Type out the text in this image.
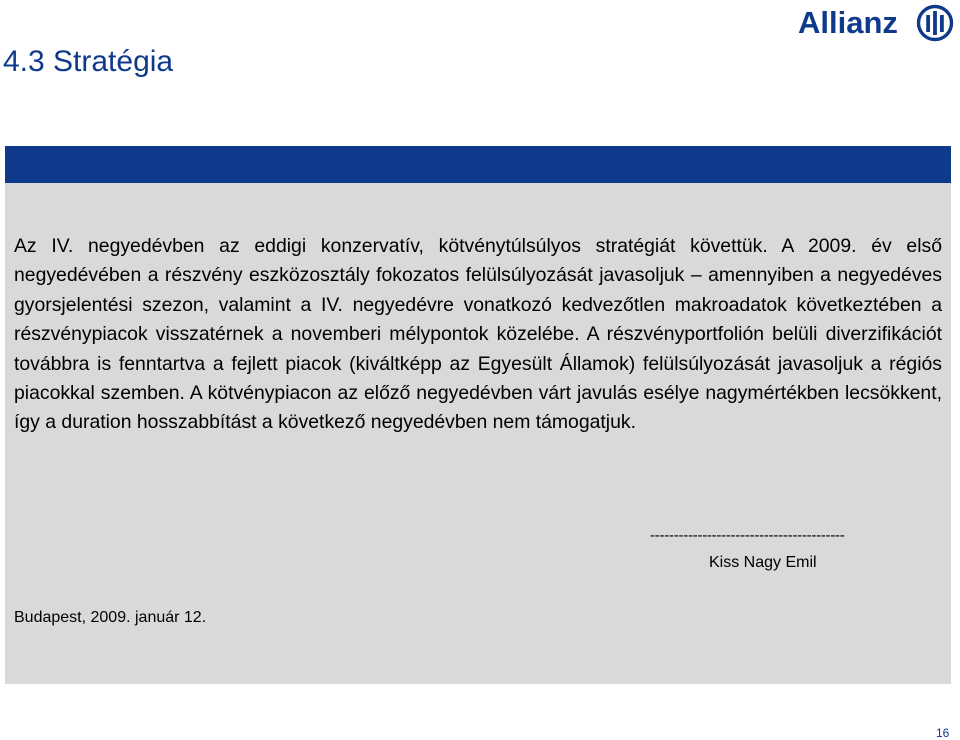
4.3 Stratégia
Allianz

Az IV. negyedévben az eddigi konzervatív, kötvénytúlsúlyos stratégiát követtük. A 2009. év első negyedévében a részvény eszközosztály fokozatos felülsúlyozását javasoljuk – amennyiben a negyedéves gyorsjelentési szezon, valamint a IV. negyedévre vonatkozó kedvezőtlen makroadatok következtében a részvénypiacok visszatérnek a novemberi mélypontok közelébe. A részvényportfolión belüli diverzifikációt továbbra is fenntartva a fejlett piacok (kiváltképp az Egyesült Államok) felülsúlyozását javasoljuk a régiós piacokkal szemben. A kötvénypiacon az előző negyedévben várt javulás esélye nagymértékben lecsökkent, így a duration hosszabbítást a következő negyedévben nem támogatjuk.

-----------------------------------------
Kiss Nagy Emil
Budapest, 2009. január 12.
16
